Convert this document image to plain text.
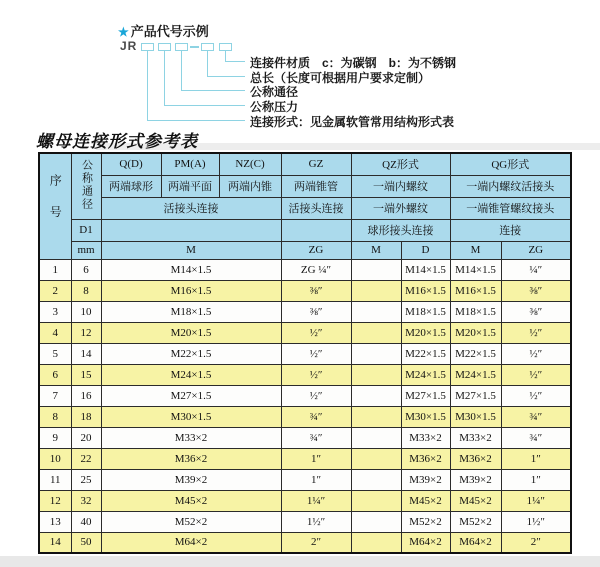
★ 产品代号示例
JR
连接件材质　c：为碳钢　b：为不锈钢
总长（长度可根据用户要求定制）
公称通径
公称压力
连接形式：见金属软管常用结构形式表
螺母连接形式参考表
序号	公称通径	Q(D)	PM(A)	NZ(C)	GZ	QZ形式		QG形式	
		两端球形	两端平面	两端内锥	两端锥管	一端内螺纹		一端内螺纹活接头	
		活接头连接			活接头连接	一端外螺纹		一端锥管螺纹接头	
	D1					球形接头连接		连接	
	mm	M			ZG	M	D	M	ZG
1	6	M14×1.5			ZG ¼″		M14×1.5	M14×1.5	¼″
2	8	M16×1.5			⅜″		M16×1.5	M16×1.5	⅜″
3	10	M18×1.5			⅜″		M18×1.5	M18×1.5	⅜″
4	12	M20×1.5			½″		M20×1.5	M20×1.5	½″
5	14	M22×1.5			½″		M22×1.5	M22×1.5	½″
6	15	M24×1.5			½″		M24×1.5	M24×1.5	½″
7	16	M27×1.5			½″		M27×1.5	M27×1.5	½″
8	18	M30×1.5			¾″		M30×1.5	M30×1.5	¾″
9	20	M33×2			¾″		M33×2	M33×2	¾″
10	22	M36×2			1″		M36×2	M36×2	1″
11	25	M39×2			1″		M39×2	M39×2	1″
12	32	M45×2			1¼″		M45×2	M45×2	1¼″
13	40	M52×2			1½″		M52×2	M52×2	1½″
14	50	M64×2			2″		M64×2	M64×2	2″
